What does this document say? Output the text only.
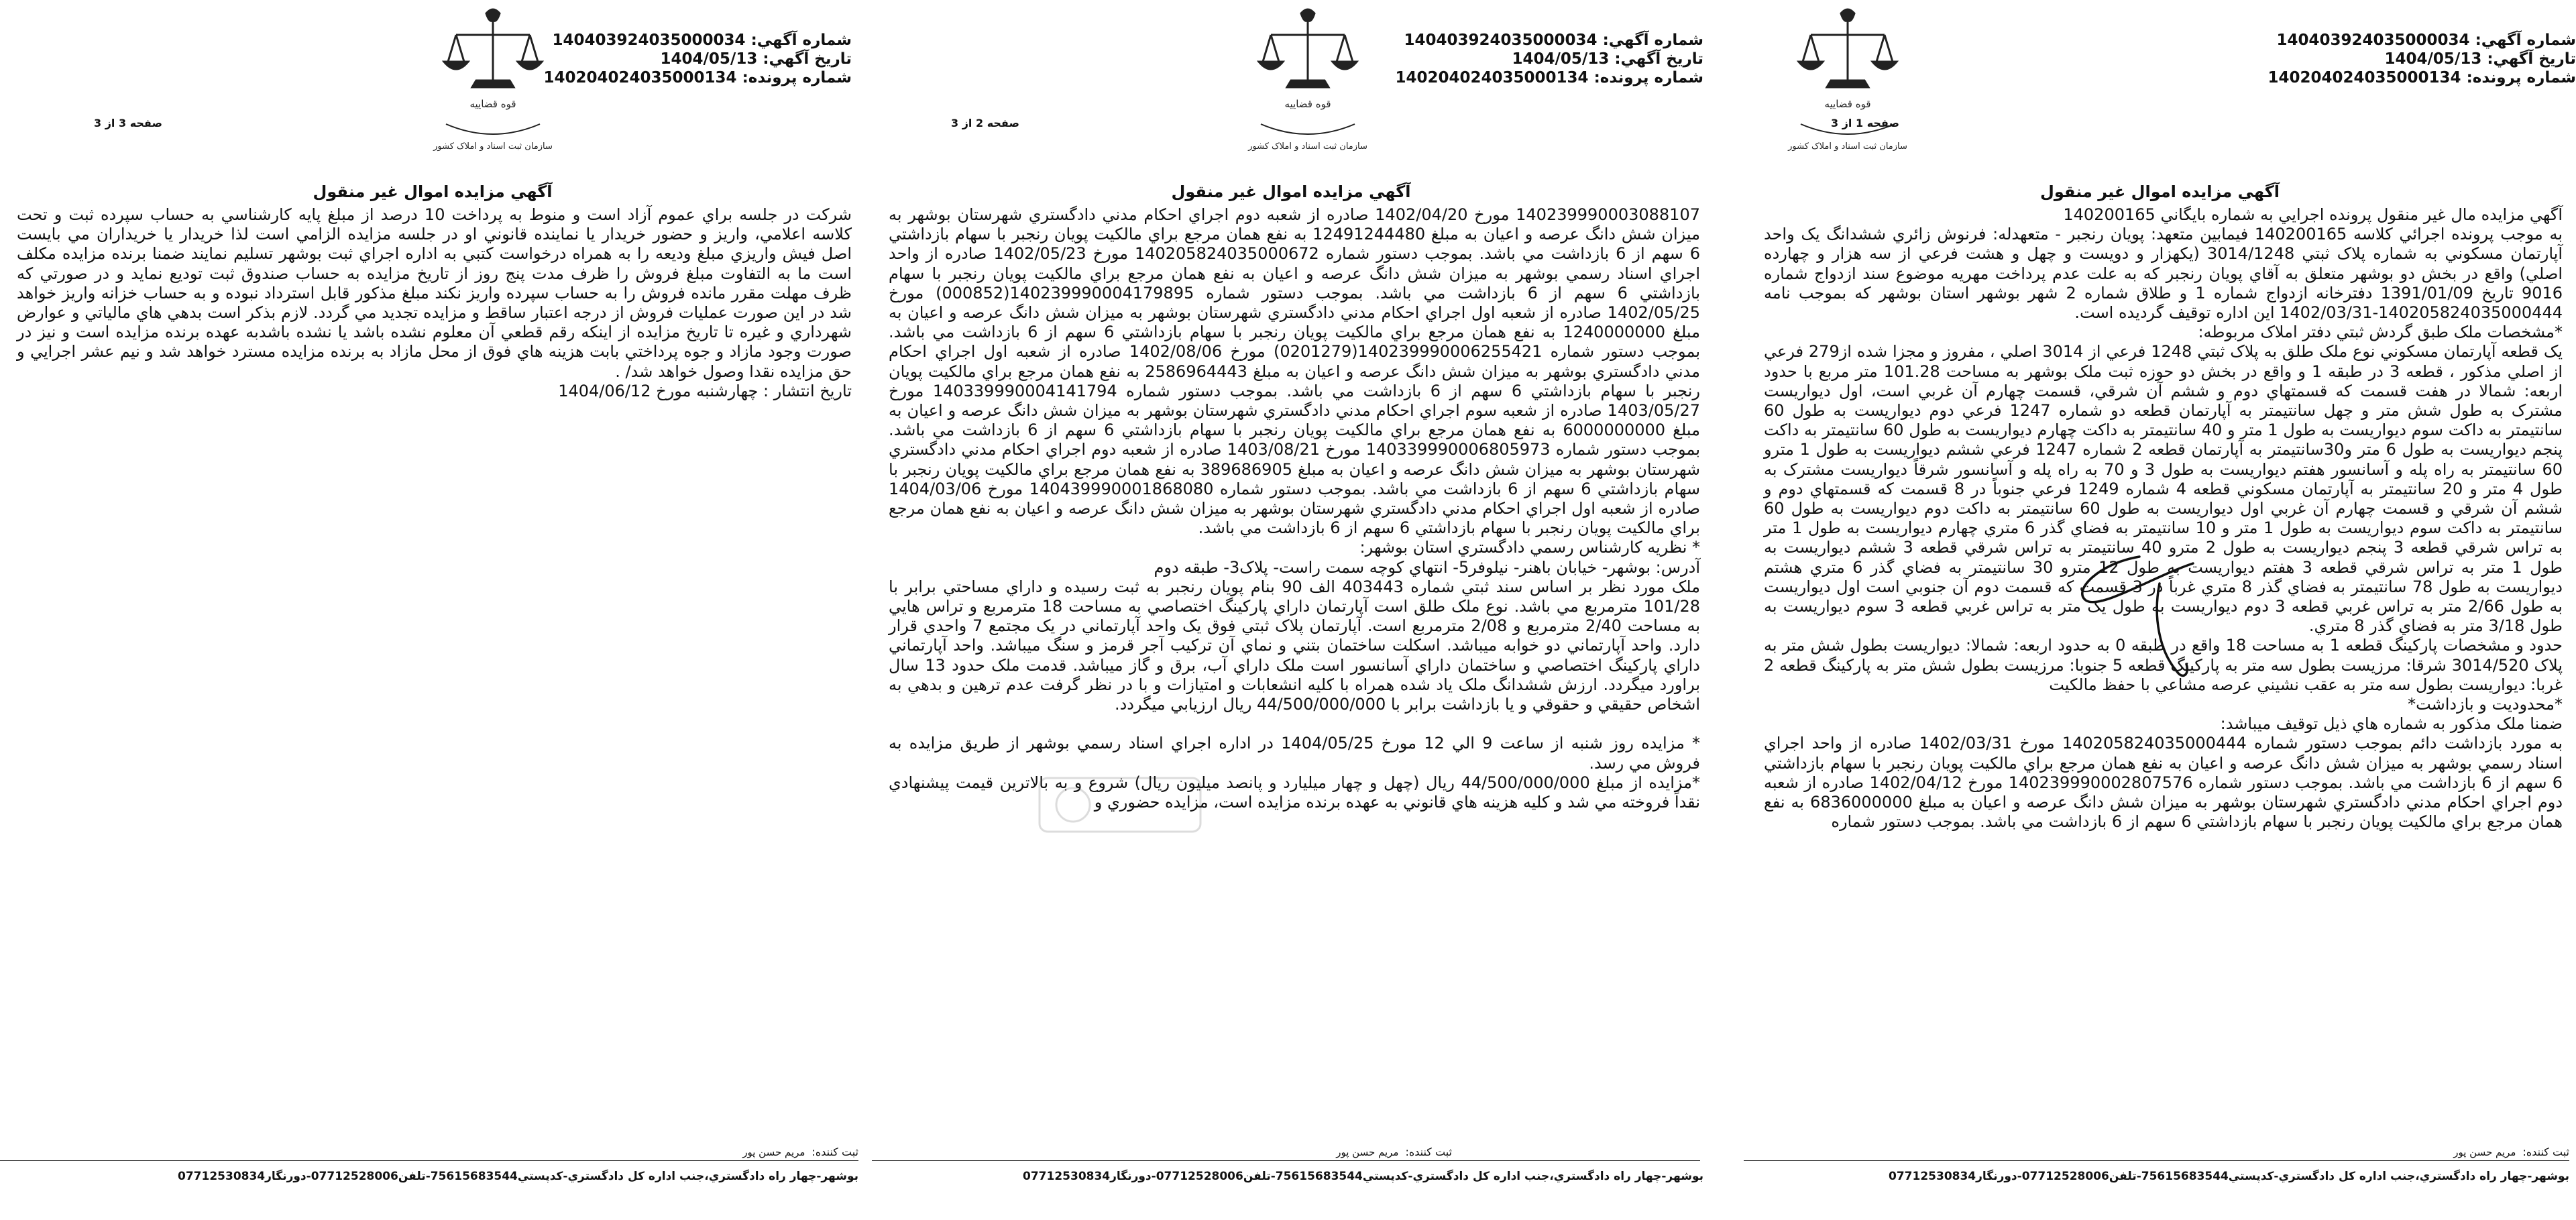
شماره آگهي: 140403924035000034
تاريخ آگهي: 1404/05/13
شماره پرونده: 140204024035000134
قوه قضاييه
سازمان ثبت اسناد و املاک کشور
صفحه 1 از 3
آگهي مزايده اموال غير منقول
آگهي مزايده مال غير منقول پرونده اجرايي به شماره بايگاني 140200165
به موجب پرونده اجرائي كلاسه 140200165 فيمابين متعهد: پويان رنجبر - متعهدله: فرنوش زائري ششدانگ يک واحد آپارتمان مسكوني به شماره پلاک ثبتي 3014/1248 (يکهزار و دويست و چهل و هشت فرعي از سه هزار و چهارده اصلي) واقع در بخش دو بوشهر متعلق به آقاي پويان رنجبر كه به علت عدم پرداخت مهريه موضوع سند ازدواج شماره 9016 تاريخ 1391/01/09 دفترخانه ازدواج شماره 1 و طلاق شماره 2 شهر بوشهر استان بوشهر كه بموجب نامه 140205824035000444-1402/03/31 اين اداره توقيف گرديده است.
*مشخصات ملک طبق گردش ثبتي دفتر املاک مربوطه:
يک قطعه آپارتمان مسكوني نوع ملک طلق به پلاک ثبتي 1248 فرعي از 3014 اصلي ، مفروز و مجزا شده از279 فرعي از اصلي مذکور ، قطعه 3 در طبقه 1 و واقع در بخش دو حوزه ثبت ملک بوشهر به مساحت 101.28 متر مربع با حدود اربعه: شمالا در هفت قسمت كه قسمتهاي دوم و ششم آن شرقي، قسمت چهارم آن غربي است، اول ديواريست مشترک به طول شش متر و چهل سانتيمتر به آپارتمان قطعه دو شماره 1247 فرعي دوم ديواريست به طول 60 سانتيمتر به داكت سوم ديواريست به طول 1 متر و 40 سانتيمتر به داكت چهارم ديواريست به طول 60 سانتيمتر به داكت پنجم ديواريست به طول 6 متر و30سانتيمتر به آپارتمان قطعه 2 شماره 1247 فرعي ششم ديواريست به طول 1 مترو 60 سانتيمتر به راه پله و آسانسور هفتم ديواريست به طول 3 و 70 به راه پله و آسانسور شرقاً ديواريست مشترک به طول 4 متر و 20 سانتيمتر به آپارتمان مسكوني قطعه 4 شماره 1249 فرعي جنوباً در 8 قسمت كه قسمتهاي دوم و ششم آن شرقي و قسمت چهارم آن غربي اول ديواريست به طول 60 سانتيمتر به داكت دوم ديواريست به طول 60 سانتيمتر به داكت سوم ديواريست به طول 1 متر و 10 سانتيمتر به فضاي گذر 6 متري چهارم ديواريست به طول 1 متر به تراس شرقي قطعه 3 پنجم ديواريست به طول 2 مترو 40 سانتيمتر به تراس شرقي قطعه 3 ششم ديواريست به طول 1 متر به تراس شرقي قطعه 3 هفتم ديواريست به طول 12 مترو 30 سانتيمتر به فضاي گذر 6 متري هشتم ديواريست به طول 78 سانتيمتر به فضاي گذر 8 متري غرباً در 3 قسمت كه قسمت دوم آن جنوبي است اول ديواريست به طول 2/66 متر به تراس غربي قطعه 3 دوم ديواريست به طول يک متر به تراس غربي قطعه 3 سوم ديواريست به طول 3/18 متر به فضاي گذر 8 متري.
حدود و مشخصات پاركينگ قطعه 1 به مساحت 18 واقع در طبقه 0 به حدود اربعه: شمالا: ديواريست بطول شش متر به پلاک 3014/520 شرقا: مرزيست بطول سه متر به پاركينگ قطعه 5 جنوبا: مرزيست بطول شش متر به پاركينگ قطعه 2 غربا: ديواريست بطول سه متر به عقب نشيني عرصه مشاعي با حفظ مالكيت
*محدوديت و بازداشت*
ضمنا ملک مذكور به شماره هاي ذيل توقيف ميباشد:
به مورد بازداشت دائم بموجب دستور شماره 140205824035000444 مورخ 1402/03/31 صادره از واحد اجراي اسناد رسمي بوشهر به ميزان شش دانگ عرصه و اعيان به نفع همان مرجع براي مالكيت پويان رنجبر با سهام بازداشتي 6 سهم از 6 بازداشت مي باشد. بموجب دستور شماره 140239990002807576 مورخ 1402/04/12 صادره از شعبه دوم اجراي احكام مدني دادگستري شهرستان بوشهر به ميزان شش دانگ عرصه و اعيان به مبلغ 6836000000 به نفع همان مرجع براي مالكيت پويان رنجبر با سهام بازداشتي 6 سهم از 6 بازداشت مي باشد. بموجب دستور شماره
ثبت کننده:مريم حسن پور
بوشهر-چهار راه دادگستري،جنب اداره كل دادگستري-كدپستي75615683544-تلفن07712528006-دورنگار07712530834
شماره آگهي: 140403924035000034
تاريخ آگهي: 1404/05/13
شماره پرونده: 140204024035000134
قوه قضاييه
سازمان ثبت اسناد و املاک کشور
صفحه 2 از 3
آگهي مزايده اموال غير منقول
140239990003088107 مورخ 1402/04/20 صادره از شعبه دوم اجراي احكام مدني دادگستري شهرستان بوشهر به ميزان شش دانگ عرصه و اعيان به مبلغ 12491244480 به نفع همان مرجع براي مالكيت پويان رنجبر با سهام بازداشتي 6 سهم از 6 بازداشت مي باشد. بموجب دستور شماره 140205824035000672 مورخ 1402/05/23 صادره از واحد اجراي اسناد رسمي بوشهر به ميزان شش دانگ عرصه و اعيان به نفع همان مرجع براي مالكيت پويان رنجبر با سهام بازداشتي 6 سهم از 6 بازداشت مي باشد. بموجب دستور شماره 140239990004179895(000852) مورخ 1402/05/25 صادره از شعبه اول اجراي احكام مدني دادگستري شهرستان بوشهر به ميزان شش دانگ عرصه و اعيان به مبلغ 1240000000 به نفع همان مرجع براي مالكيت پويان رنجبر با سهام بازداشتي 6 سهم از 6 بازداشت مي باشد. بموجب دستور شماره 140239990006255421(0201279) مورخ 1402/08/06 صادره از شعبه اول اجراي احكام مدني دادگستري بوشهر به ميزان شش دانگ عرصه و اعيان به مبلغ 2586964443 به نفع همان مرجع براي مالكيت پويان رنجبر با سهام بازداشتي 6 سهم از 6 بازداشت مي باشد. بموجب دستور شماره 140339990004141794 مورخ 1403/05/27 صادره از شعبه سوم اجراي احكام مدني دادگستري شهرستان بوشهر به ميزان شش دانگ عرصه و اعيان به مبلغ 6000000000 به نفع همان مرجع براي مالكيت پويان رنجبر با سهام بازداشتي 6 سهم از 6 بازداشت مي باشد. بموجب دستور شماره 140339990006805973 مورخ 1403/08/21 صادره از شعبه دوم اجراي احكام مدني دادگستري شهرستان بوشهر به ميزان شش دانگ عرصه و اعيان به مبلغ 389686905 به نفع همان مرجع براي مالكيت پويان رنجبر با سهام بازداشتي 6 سهم از 6 بازداشت مي باشد. بموجب دستور شماره 140439990001868080 مورخ 1404/03/06 صادره از شعبه اول اجراي احكام مدني دادگستري شهرستان بوشهر به ميزان شش دانگ عرصه و اعيان به نفع همان مرجع براي مالكيت پويان رنجبر با سهام بازداشتي 6 سهم از 6 بازداشت مي باشد.
* نظريه كارشناس رسمي دادگستري استان بوشهر:
آدرس: بوشهر- خيابان باهنر- نيلوفر5- انتهاي كوچه سمت راست- پلاک3- طبقه دوم
ملک مورد نظر بر اساس سند ثبتي شماره 403443 الف 90 بنام پويان رنجبر به ثبت رسيده و داراي مساحتي برابر با 101/28 مترمربع مي باشد. نوع ملک طلق است آپارتمان داراي پاركينگ اختصاصي به مساحت 18 مترمربع و تراس هايي به مساحت 2/40 مترمربع و 2/08 مترمربع است. آپارتمان پلاک ثبتي فوق يک واحد آپارتماني در يک مجتمع 7 واحدي قرار دارد. واحد آپارتماني دو خوابه ميباشد. اسكلت ساختمان بتني و نماي آن تركيب آجر قرمز و سنگ ميباشد. واحد آپارتماني داراي پاركينگ اختصاصي و ساختمان داراي آسانسور است ملک داراي آب، برق و گاز ميباشد. قدمت ملک حدود 13 سال براورد ميگردد. ارزش ششدانگ ملک ياد شده همراه با كليه انشعابات و امتيازات و با در نظر گرفت عدم ترهين و بدهي به اشخاص حقيقي و حقوقي و يا بازداشت برابر با 44/500/000/000 ريال ارزيابي ميگردد.

* مزايده روز شنبه از ساعت 9 الي 12 مورخ 1404/05/25 در اداره اجراي اسناد رسمي بوشهر از طريق مزايده به فروش مي رسد.
*مزايده از مبلغ 44/500/000/000 ريال (چهل و چهار ميليارد و پانصد ميليون ريال) شروع و به بالاترين قيمت پيشنهادي نقداً فروخته مي شد و كليه هزينه هاي قانوني به عهده برنده مزايده است، مزايده حضوري و
ثبت کننده:مريم حسن پور
بوشهر-چهار راه دادگستري،جنب اداره كل دادگستري-كدپستي75615683544-تلفن07712528006-دورنگار07712530834
شماره آگهي: 140403924035000034
تاريخ آگهي: 1404/05/13
شماره پرونده: 140204024035000134
قوه قضاييه
سازمان ثبت اسناد و املاک کشور
صفحه 3 از 3
آگهي مزايده اموال غير منقول
شركت در جلسه براي عموم آزاد است و منوط به پرداخت 10 درصد از مبلغ پايه كارشناسي به حساب سپرده ثبت و تحت كلاسه اعلامي، واريز و حضور خريدار يا نماينده قانوني او در جلسه مزايده الزامي است لذا خريدار يا خريداران مي بايست اصل فيش واريزي مبلغ وديعه را به همراه درخواست كتبي به اداره اجراي ثبت بوشهر تسليم نمايند ضمنا برنده مزايده مكلف است ما به التفاوت مبلغ فروش را ظرف مدت پنج روز از تاريخ مزايده به حساب صندوق ثبت توديع نمايد و در صورتي كه ظرف مهلت مقرر مانده فروش را به حساب سپرده واريز نكند مبلغ مذكور قابل استرداد نبوده و به حساب خزانه واريز خواهد شد در اين صورت عمليات فروش از درجه اعتبار ساقط و مزايده تجديد مي گردد. لازم بذكر است بدهي هاي مالياتي و عوارض شهرداري و غيره تا تاريخ مزايده از اينكه رقم قطعي آن معلوم نشده باشد يا نشده باشدبه عهده برنده مزايده است و نيز در صورت وجود مازاد و جوه پرداختي بابت هزينه هاي فوق از محل مازاد به برنده مزايده مسترد خواهد شد و نيم عشر اجرايي و حق مزايده نقدا وصول خواهد شد/ .
تاريخ انتشار : چهارشنبه مورخ 1404/06/12
ثبت کننده:مريم حسن پور
بوشهر-چهار راه دادگستري،جنب اداره كل دادگستري-كدپستي75615683544-تلفن07712528006-دورنگار07712530834
